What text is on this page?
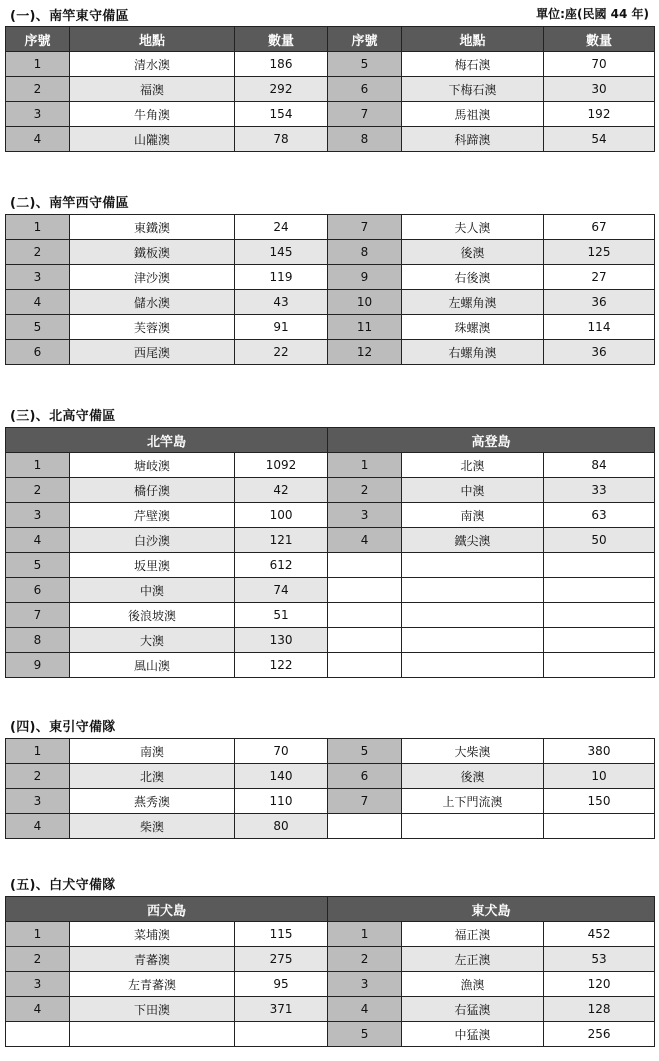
(一)、南竿東守備區	單位:座(民國 44 年)
序號	地點	數量	序號	地點	數量
1	清水澳	186	5	梅石澳	70
2	福澳	292	6	下梅石澳	30
3	牛角澳	154	7	馬祖澳	192
4	山隴澳	78	8	科蹄澳	54
(二)、南竿西守備區
1	東鐵澳	24	7	夫人澳	67
2	鐵板澳	145	8	後澳	125
3	津沙澳	119	9	右後澳	27
4	儲水澳	43	10	左螺角澳	36
5	芙蓉澳	91	11	珠螺澳	114
6	西尾澳	22	12	右螺角澳	36
(三)、北高守備區
北竿島			高登島		
1	塘岐澳	1092	1	北澳	84
2	橋仔澳	42	2	中澳	33
3	芹壁澳	100	3	南澳	63
4	白沙澳	121	4	鐵尖澳	50
5	坂里澳	612			
6	中澳	74			
7	後浪坡澳	51			
8	大澳	130			
9	風山澳	122			
(四)、東引守備隊
1	南澳	70	5	大柴澳	380
2	北澳	140	6	後澳	10
3	燕秀澳	110	7	上下門流澳	150
4	柴澳	80			
(五)、白犬守備隊
西犬島			東犬島		
1	菜埔澳	115	1	福正澳	452
2	青蕃澳	275	2	左正澳	53
3	左青蕃澳	95	3	漁澳	120
4	下田澳	371	4	右猛澳	128
			5	中猛澳	256
